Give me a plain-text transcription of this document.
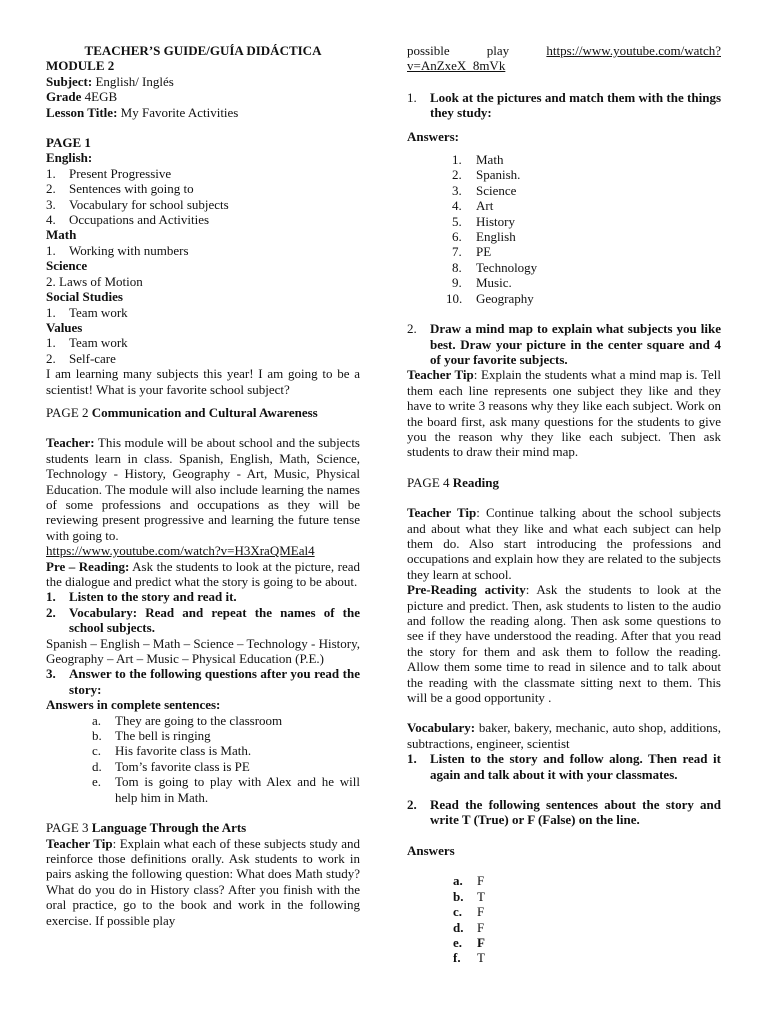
TEACHER’S GUIDE/GUÍA DIDÁCTICA

MODULE 2

Subject: English/ Inglés

Grade 4EGB

Lesson Title: My Favorite Activities

PAGE 1

English:

1.	Present Progressive
2.	Sentences with going to
3.	Vocabulary for school subjects
4.	Occupations and Activities

Math

1.	Working with numbers

Science

2. Laws of Motion

Social Studies

1.	Team work

Values

1.	Team work
2.	Self-care

I am learning many subjects this year! I am going to be a scientist! What is your favorite school subject?

PAGE 2 Communication and Cultural Awareness

Teacher: This module will be about school and the subjects students learn in class. Spanish, English, Math, Science, Technology - History, Geography - Art, Music, Physical Education. The module will also include learning the names of some professions and occupations as they will be reviewing present progressive and learning the future tense with going to.

https://www.youtube.com/watch?v=H3XraQMEal4

Pre – Reading: Ask the students to look at the picture, read the dialogue and predict what the story is going to be about.

1.	Listen to the story and read it.
2.	Vocabulary: Read and repeat the names of the school subjects.

Spanish – English – Math – Science – Technology - History, Geography – Art – Music – Physical Education (P.E.)

3.	Answer to the following questions after you read the story:

Answers in complete sentences:

a.	They are going to the classroom
b.	The bell is ringing
c.	His favorite class is Math.
d.	Tom’s favorite class is PE
e.	Tom is going to play with Alex and he will help him in Math.

PAGE 3 Language Through the Arts

Teacher Tip: Explain what each of these subjects study and reinforce those definitions orally. Ask students to work in pairs asking the following question: What does Math study? What do you do in History class? After you finish with the oral practice, go to the book and work in the following exercise. If possible play

possible play https://www.youtube.com/watch?v=AnZxeX_8mVk

1.	Look at the pictures and match them with the things they study:

Answers:

1.	Math
2.	Spanish.
3.	Science
4.	Art
5.	History
6.	English
7.	PE
8.	Technology
9.	Music.
10.	Geography
2.	Draw a mind map to explain what subjects you like best. Draw your picture in the center square and 4 of your favorite subjects.

Teacher Tip: Explain the students what a mind map is. Tell them each line represents one subject they like and they have to write 3 reasons why they like each subject. Work on the board first, ask many questions for the students to give you the reason why they like each subject. Then ask students to draw their mind map.

PAGE 4 Reading

Teacher Tip: Continue talking about the school subjects and about what they like and what each subject can help them do. Also start introducing the professions and occupations and explain how they are related to the subjects they learn at school.

Pre-Reading activity: Ask the students to look at the picture and predict. Then, ask students to listen to the audio and follow the reading along. Then ask some questions to see if they have understood the reading. After that you read the story for them and ask them to follow the reading. Allow them some time to read in silence and to talk about the reading with the classmate sitting next to them. This will be a good opportunity .

Vocabulary: baker, bakery, mechanic, auto shop, additions, subtractions, engineer, scientist

1.	Listen to the story and follow along. Then read it again and talk about it with your classmates.
2.	Read the following sentences about the story and write T (True) or F (False) on the line.

Answers

a.	F
b.	T
c.	F
d.	F
e.	F
f.	T
